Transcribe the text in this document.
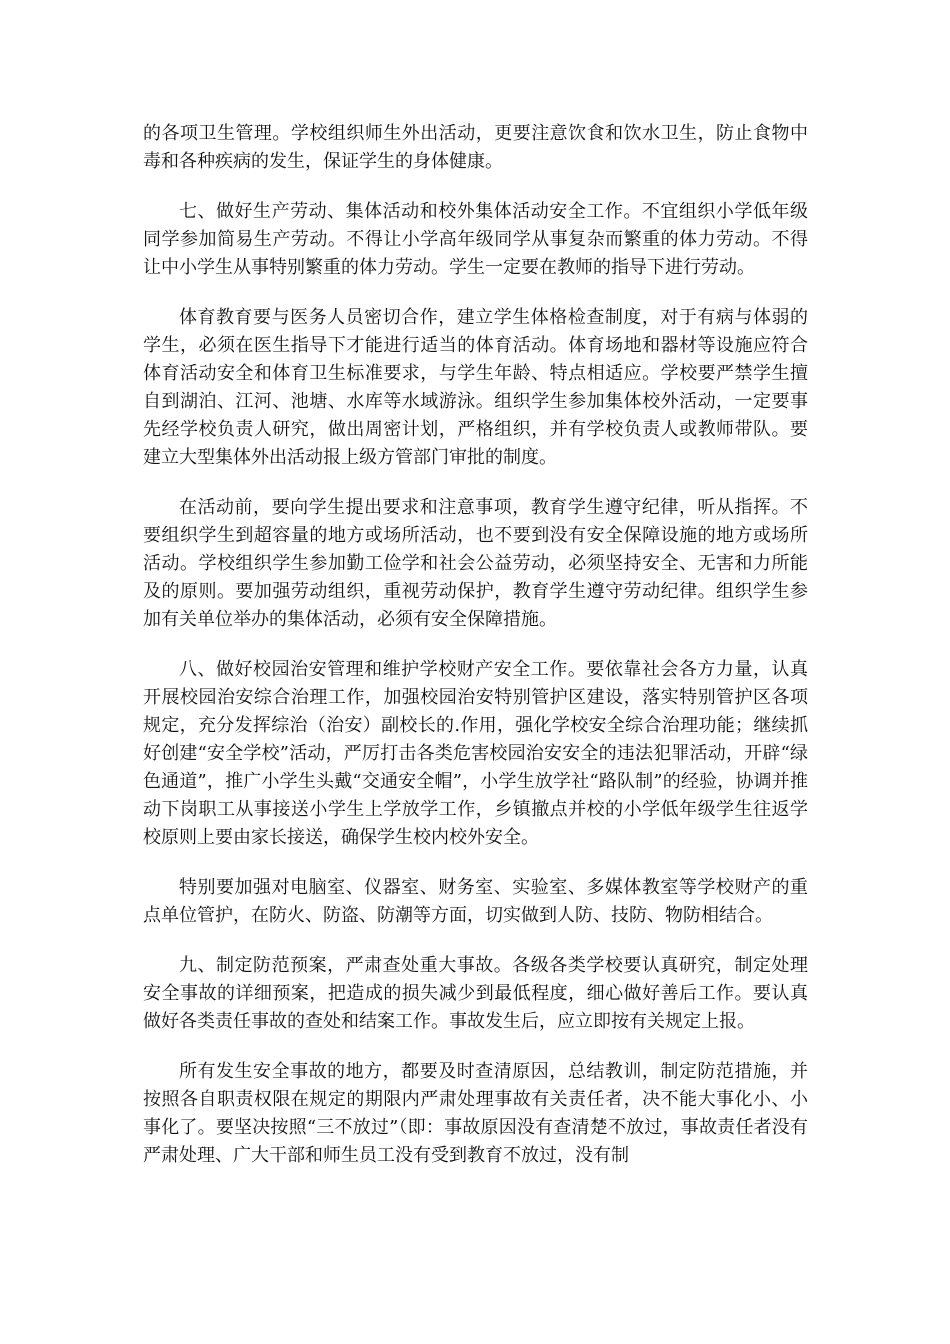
的各项卫生管理。学校组织师生外出活动，更要注意饮食和饮水卫生，防止食物中毒和各种疾病的发生，保证学生的身体健康。

七、做好生产劳动、集体活动和校外集体活动安全工作。不宜组织小学低年级同学参加简易生产劳动。不得让小学高年级同学从事复杂而繁重的体力劳动。不得让中小学生从事特别繁重的体力劳动。学生一定要在教师的指导下进行劳动。

体育教育要与医务人员密切合作，建立学生体格检查制度，对于有病与体弱的学生，必须在医生指导下才能进行适当的体育活动。体育场地和器材等设施应符合体育活动安全和体育卫生标准要求，与学生年龄、特点相适应。学校要严禁学生擅自到湖泊、江河、池塘、水库等水域游泳。组织学生参加集体校外活动，一定要事先经学校负责人研究，做出周密计划，严格组织，并有学校负责人或教师带队。要建立大型集体外出活动报上级方管部门审批的制度。

在活动前，要向学生提出要求和注意事项，教育学生遵守纪律，听从指挥。不要组织学生到超容量的地方或场所活动，也不要到没有安全保障设施的地方或场所活动。学校组织学生参加勤工俭学和社会公益劳动，必须坚持安全、无害和力所能及的原则。要加强劳动组织，重视劳动保护，教育学生遵守劳动纪律。组织学生参加有关单位举办的集体活动，必须有安全保障措施。

八、做好校园治安管理和维护学校财产安全工作。要依靠社会各方力量，认真开展校园治安综合治理工作，加强校园治安特别管护区建设，落实特别管护区各项规定，充分发挥综治（治安）副校长的.作用，强化学校安全综合治理功能；继续抓好创建“安全学校”活动，严厉打击各类危害校园治安安全的违法犯罪活动，开辟“绿色通道”，推广小学生头戴“交通安全帽”，小学生放学社“路队制”的经验，协调并推动下岗职工从事接送小学生上学放学工作，乡镇撤点并校的小学低年级学生往返学校原则上要由家长接送，确保学生校内校外安全。

特别要加强对电脑室、仪器室、财务室、实验室、多媒体教室等学校财产的重点单位管护，在防火、防盗、防潮等方面，切实做到人防、技防、物防相结合。

九、制定防范预案，严肃查处重大事故。各级各类学校要认真研究，制定处理安全事故的详细预案，把造成的损失减少到最低程度，细心做好善后工作。要认真做好各类责任事故的查处和结案工作。事故发生后，应立即按有关规定上报。

所有发生安全事故的地方，都要及时查清原因，总结教训，制定防范措施，并按照各自职责权限在规定的期限内严肃处理事故有关责任者，决不能大事化小、小事化了。要坚决按照“三不放过”（即：事故原因没有查清楚不放过，事故责任者没有严肃处理、广大干部和师生员工没有受到教育不放过，没有制
